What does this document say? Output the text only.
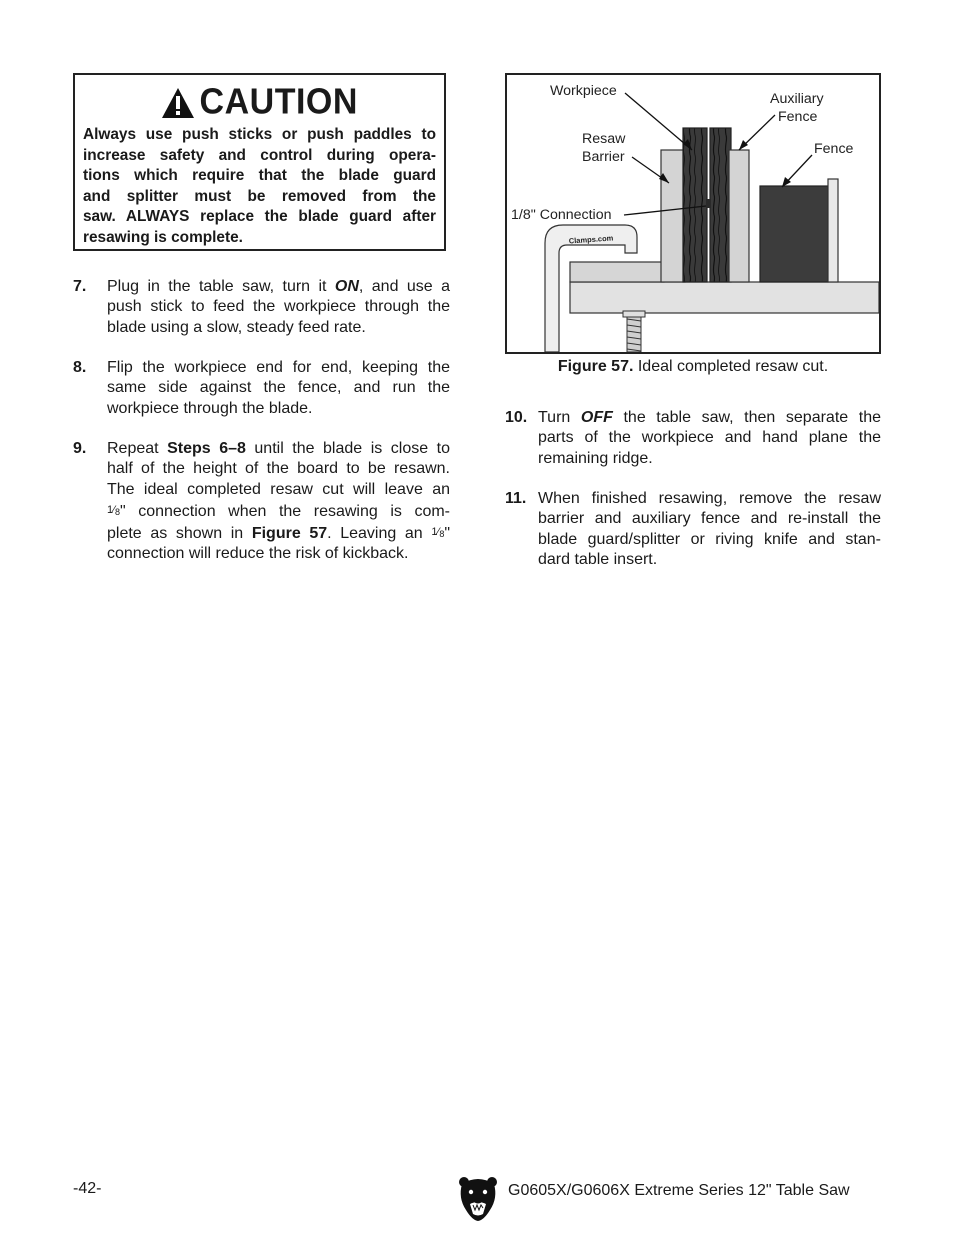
CAUTION
Always use push sticks or push paddles to
increase safety and control during opera-
tions which require that the blade guard
and splitter must be removed from the
saw. ALWAYS replace the blade guard after
resawing is complete.
7. Plug in the table saw, turn it ON, and use a
push stick to feed the workpiece through the
blade using a slow, steady feed rate.
8. Flip the workpiece end for end, keeping the
same side against the fence, and run the
workpiece through the blade.
9. Repeat Steps 6–8 until the blade is close to
half of the height of the board to be resawn.
The ideal completed resaw cut will leave an
$1⁄_8$" connection when the resawing is com-
plete as shown in Figure 57. Leaving an $1⁄_8$"
connection will reduce the risk of kickback.
Clamps.com
Workpiece	Auxiliary
Fence
Resaw
Barrier	Fence
1/8" Connection
Figure 57. Ideal completed resaw cut.
10. Turn OFF the table saw, then separate the
parts of the workpiece and hand plane the
remaining ridge.
11. When finished resawing, remove the resaw
barrier and auxiliary fence and re-install the
blade guard/splitter or riving knife and stan-
dard table insert.
-42-	G0605X/G0606X Extreme Series 12" Table Saw
